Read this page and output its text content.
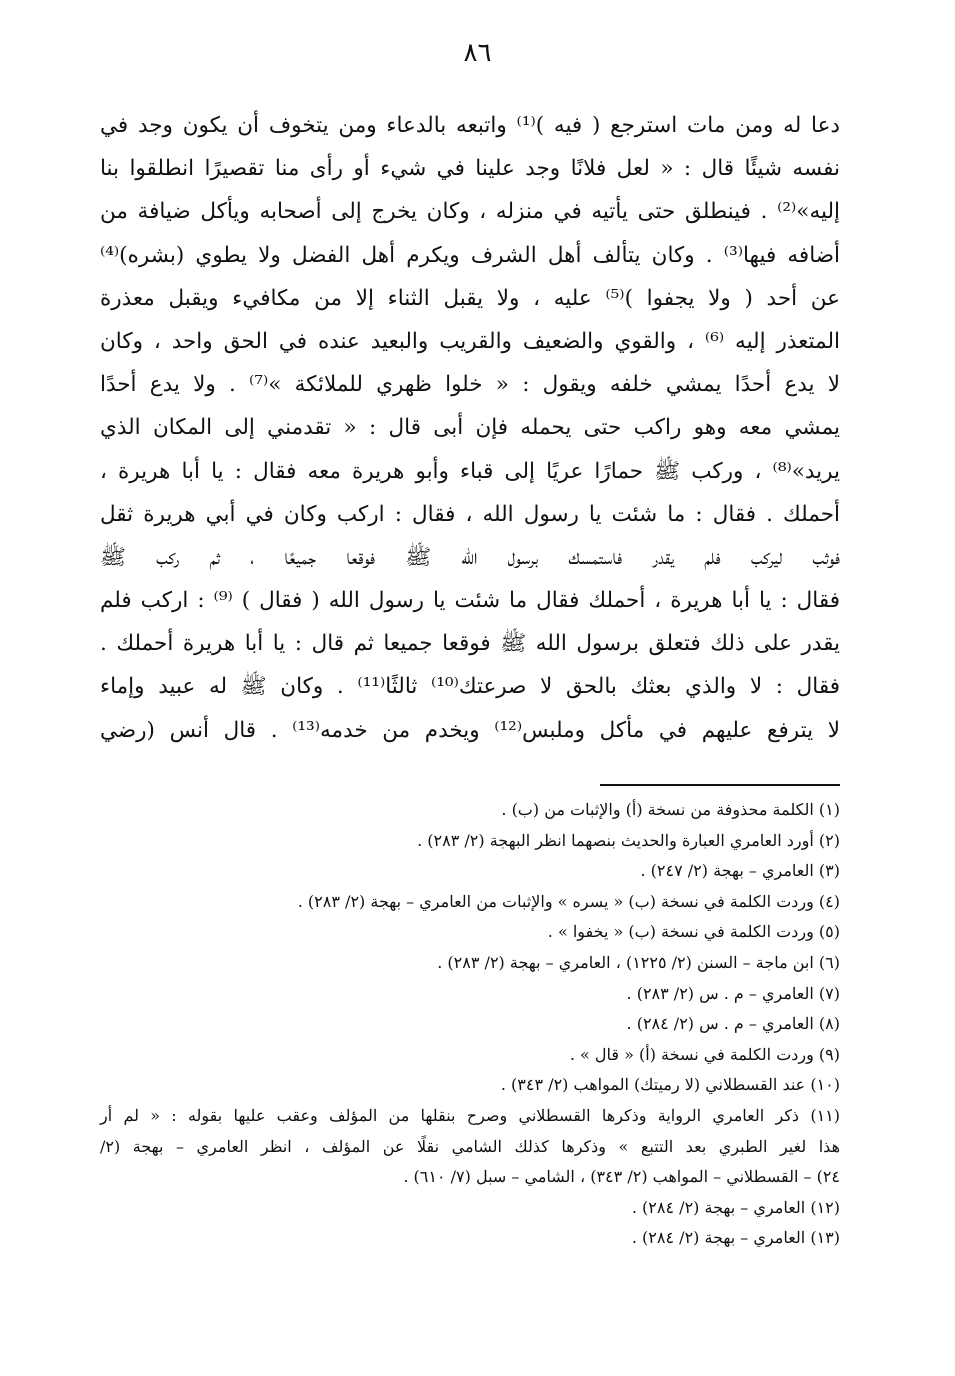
٨٦
دعا له ومن مات استرجع ( فيه )⁽¹⁾ واتبعه بالدعاء ومن يتخوف أن يكون وجد في
نفسه شيئًا قال : « لعل فلانًا وجد علينا في شيء أو رأى منا تقصيرًا انطلقوا بنا
إليه»⁽²⁾ . فينطلق حتى يأتيه في منزله ، وكان يخرج إلى أصحابه ويأكل ضيافة من
أضافه فيها⁽³⁾ . وكان يتألف أهل الشرف ويكرم أهل الفضل ولا يطوي (بشره)⁽⁴⁾
عن أحد ( ولا يجفوا )⁽⁵⁾ عليه ، ولا يقبل الثناء إلا من مكافيء ويقبل معذرة
المتعذر إليه ⁽⁶⁾ ، والقوي والضعيف والقريب والبعيد عنده في الحق واحد ، وكان
لا يدع أحدًا يمشي خلفه ويقول : « خلوا ظهري للملائكة »⁽⁷⁾ . ولا يدع أحدًا
يمشي معه وهو راكب حتى يحمله فإن أبى قال : « تقدمني إلى المكان الذي
يريد»⁽⁸⁾ ، وركب ﷺ حمارًا عريًا إلى قباء وأبو هريرة معه فقال : يا أبا هريرة ،
أحملك . فقال : ما شئت يا رسول الله ، فقال : اركب وكان في أبي هريرة ثقل
فوثب ليركب فلم يقدر فاستمسك برسول الله ﷺ فوقعا جميعًا ، ثم ركب ﷺ
فقال : يا أبا هريرة ، أحملك فقال ما شئت يا رسول الله ( فقال ) ⁽⁹⁾ : اركب فلم
يقدر على ذلك فتعلق برسول الله ﷺ فوقعا جميعا ثم قال : يا أبا هريرة أحملك .
فقال : لا والذي بعثك بالحق لا صرعتك⁽¹⁰⁾ ثالثًا⁽¹¹⁾ . وكان ﷺ له عبيد وإماء
لا يترفع عليهم في مأكل وملبس⁽¹²⁾ ويخدم من خدمه⁽¹³⁾ . قال أنس (رضي
(١) الكلمة محذوفة من نسخة (أ) والإثبات من (ب) .
(٢) أورد العامري العبارة والحديث بنصهما انظر البهجة (٢/ ٢٨٣) .
(٣) العامري – بهجة (٢/ ٢٤٧) .
(٤) وردت الكلمة في نسخة (ب) « يسره » والإثبات من العامري – بهجة (٢/ ٢٨٣) .
(٥) وردت الكلمة في نسخة (ب) « يخفوا » .
(٦) ابن ماجة – السنن (٢/ ١٢٢٥) ، العامري – بهجة (٢/ ٢٨٣) .
(٧) العامري – م . س (٢/ ٢٨٣) .
(٨) العامري – م . س (٢/ ٢٨٤) .
(٩) وردت الكلمة في نسخة (أ) « قال » .
(١٠) عند القسطلاني (لا رميتك) المواهب (٢/ ٣٤٣) .
(١١) ذكر العامري الرواية وذكرها القسطلاني وصرح بنقلها من المؤلف وعقب عليها بقوله : « لم أر
هذا لغير الطبري بعد التتبع » وذكرها كذلك الشامي نقلًا عن المؤلف ، انظر العامري – بهجة (٢/
٢٤) – القسطلاني – المواهب (٢/ ٣٤٣) ، الشامي – سبل (٧/ ٦١٠) .
(١٢) العامري – بهجة (٢/ ٢٨٤) .
(١٣) العامري – بهجة (٢/ ٢٨٤) .
